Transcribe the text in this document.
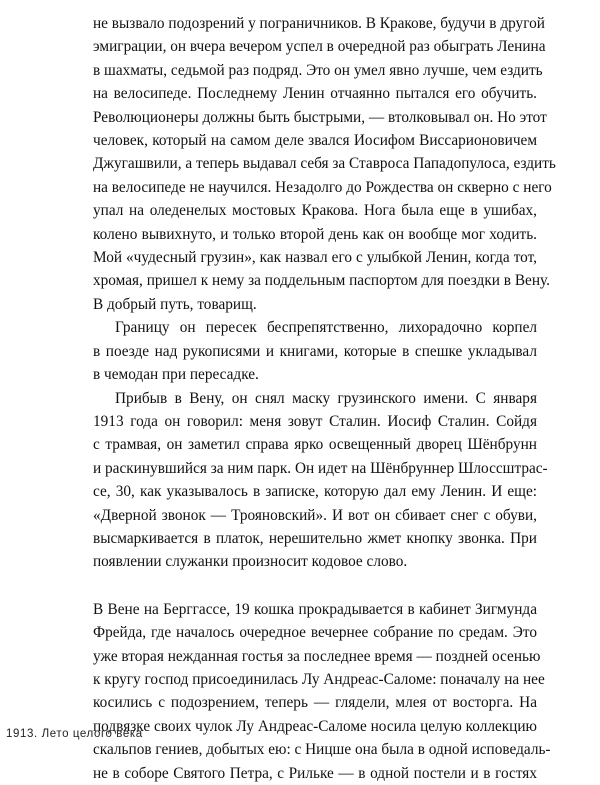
не вызвало подозрений у пограничников. В Кракове, будучи в другой
эмиграции, он вчера вечером успел в очередной раз обыграть Ленина
в шахматы, седьмой раз подряд. Это он умел явно лучше, чем ездить
на велосипеде. Последнему Ленин отчаянно пытался его обучить.
Революционеры должны быть быстрыми, — втолковывал он. Но этот
человек, который на самом деле звался Иосифом Виссарионовичем
Джугашвили, а теперь выдавал себя за Ставроса Пападопулоса, ездить
на велосипеде не научился. Незадолго до Рождества он скверно с него
упал на оледенелых мостовых Кракова. Нога была еще в ушибах,
колено вывихнуто, и только второй день как он вообще мог ходить.
Мой «чудесный грузин», как назвал его с улыбкой Ленин, когда тот,
хромая, пришел к нему за поддельным паспортом для поездки в Вену.
В добрый путь, товарищ.
Границу он пересек беспрепятственно, лихорадочно корпел
в поезде над рукописями и книгами, которые в спешке укладывал
в чемодан при пересадке.
Прибыв в Вену, он снял маску грузинского имени. С января
1913 года он говорил: меня зовут Сталин. Иосиф Сталин. Сойдя
с трамвая, он заметил справа ярко освещенный дворец Шёнбрунн
и раскинувшийся за ним парк. Он идет на Шёнбруннер Шлоссштрас-
се, 30, как указывалось в записке, которую дал ему Ленин. И еще:
«Дверной звонок — Трояновский». И вот он сбивает снег с обуви,
высмаркивается в платок, нерешительно жмет кнопку звонка. При
появлении служанки произносит кодовое слово.
В Вене на Берггассе, 19 кошка прокрадывается в кабинет Зигмунда
Фрейда, где началось очередное вечернее собрание по средам. Это
уже вторая нежданная гостья за последнее время — поздней осенью
к кругу господ присоединилась Лу Андреас-Саломе: поначалу на нее
косились с подозрением, теперь — глядели, млея от восторга. На
подвязке своих чулок Лу Андреас-Саломе носила целую коллекцию
скальпов гениев, добытых ею: с Ницше она была в одной исповедаль-
не в соборе Святого Петра, с Рильке — в одной постели и в гостях
1913. Лето целого века
